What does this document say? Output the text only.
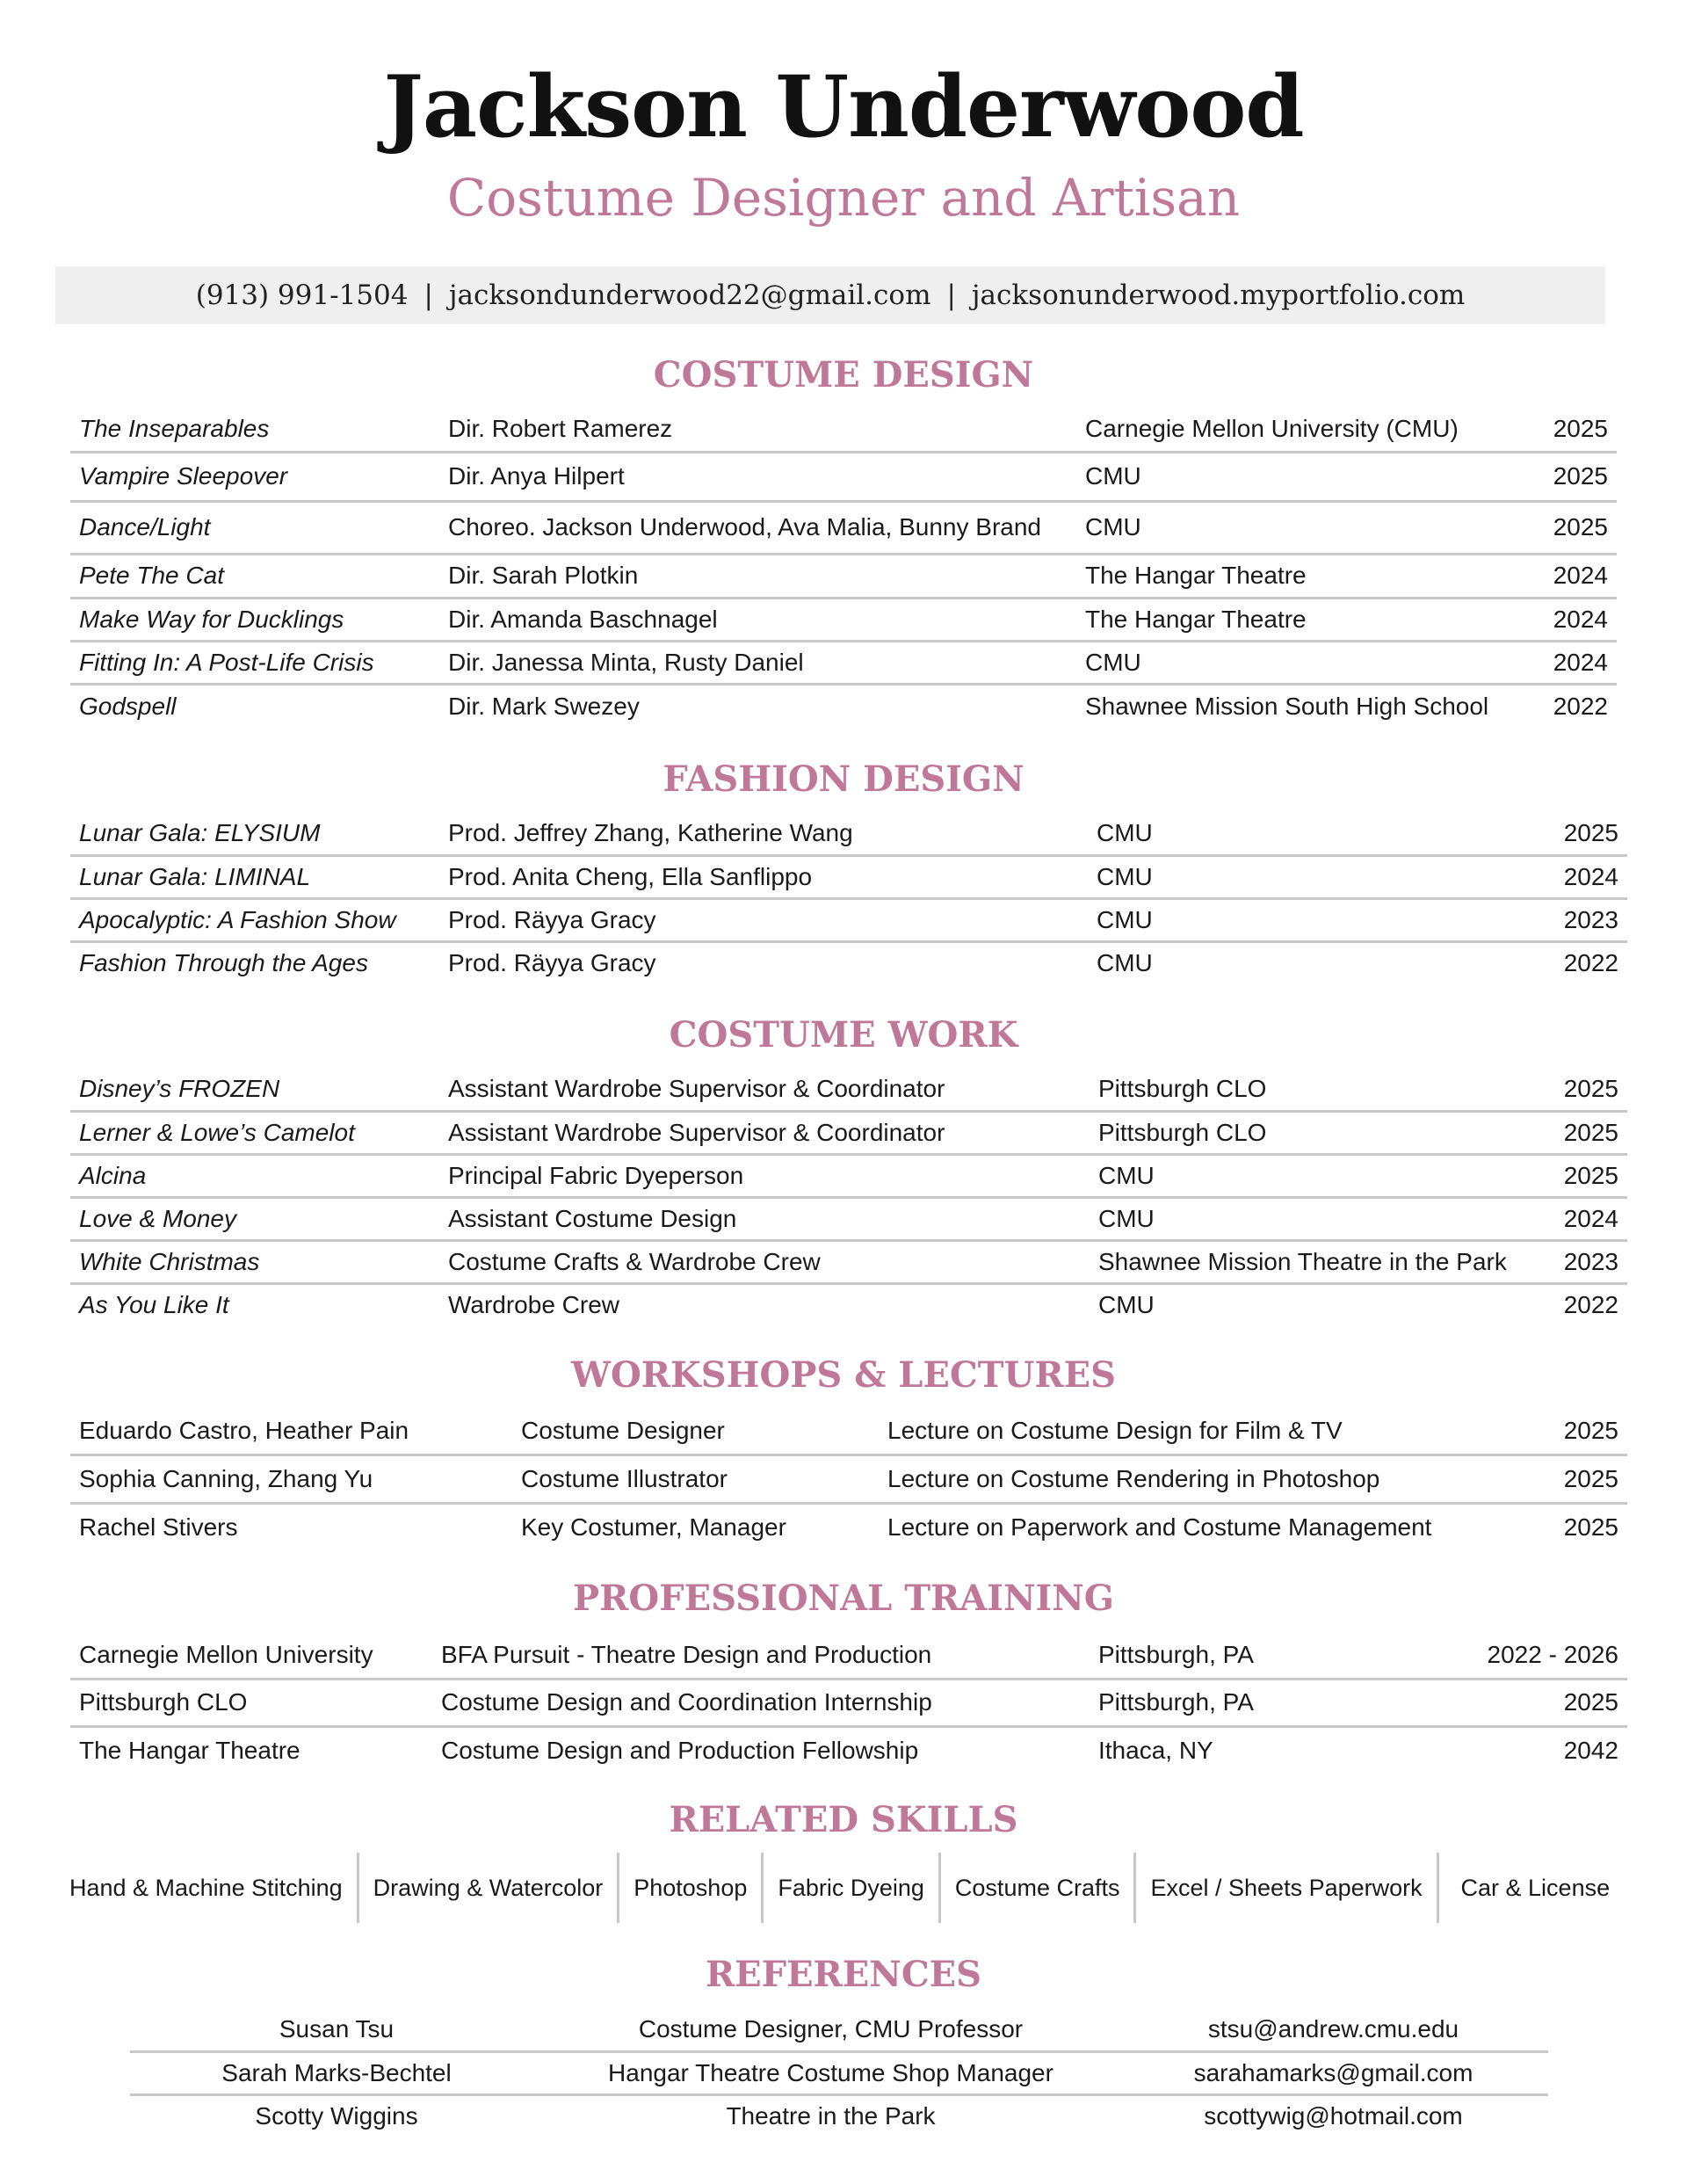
Jackson Underwood
Costume Designer and Artisan
(913) 991-1504 | jacksondunderwood22@gmail.com | jacksonunderwood.myportfolio.com
COSTUME DESIGN
The Inseparables	Dir. Robert Ramerez	Carnegie Mellon University (CMU)	2025
Vampire Sleepover	Dir. Anya Hilpert	CMU	2025
Dance/Light	Choreo. Jackson Underwood, Ava Malia, Bunny Brand	CMU	2025
Pete The Cat	Dir. Sarah Plotkin	The Hangar Theatre	2024
Make Way for Ducklings	Dir. Amanda Baschnagel	The Hangar Theatre	2024
Fitting In: A Post-Life Crisis	Dir. Janessa Minta, Rusty Daniel	CMU	2024
Godspell	Dir. Mark Swezey	Shawnee Mission South High School	2022
FASHION DESIGN
Lunar Gala: ELYSIUM	Prod. Jeffrey Zhang, Katherine Wang	CMU	2025
Lunar Gala: LIMINAL	Prod. Anita Cheng, Ella Sanflippo	CMU	2024
Apocalyptic: A Fashion Show	Prod. Räyya Gracy	CMU	2023
Fashion Through the Ages	Prod. Räyya Gracy	CMU	2022
COSTUME WORK
Disney’s FROZEN	Assistant Wardrobe Supervisor & Coordinator	Pittsburgh CLO	2025
Lerner & Lowe’s Camelot	Assistant Wardrobe Supervisor & Coordinator	Pittsburgh CLO	2025
Alcina	Principal Fabric Dyeperson	CMU	2025
Love & Money	Assistant Costume Design	CMU	2024
White Christmas	Costume Crafts & Wardrobe Crew	Shawnee Mission Theatre in the Park	2023
As You Like It	Wardrobe Crew	CMU	2022
WORKSHOPS & LECTURES
Eduardo Castro, Heather Pain	Costume Designer	Lecture on Costume Design for Film & TV	2025
Sophia Canning, Zhang Yu	Costume Illustrator	Lecture on Costume Rendering in Photoshop	2025
Rachel Stivers	Key Costumer, Manager	Lecture on Paperwork and Costume Management	2025
PROFESSIONAL TRAINING
Carnegie Mellon University	BFA Pursuit - Theatre Design and Production	Pittsburgh, PA	2022 - 2026
Pittsburgh CLO	Costume Design and Coordination Internship	Pittsburgh, PA	2025
The Hangar Theatre	Costume Design and Production Fellowship	Ithaca, NY	2042
RELATED SKILLS
Hand & Machine Stitching	Drawing & Watercolor	Photoshop	Fabric Dyeing	Costume Crafts	Excel / Sheets Paperwork	Car & License
REFERENCES
Susan Tsu	Costume Designer, CMU Professor	stsu@andrew.cmu.edu
Sarah Marks-Bechtel	Hangar Theatre Costume Shop Manager	sarahamarks@gmail.com
Scotty Wiggins	Theatre in the Park	scottywig@hotmail.com
